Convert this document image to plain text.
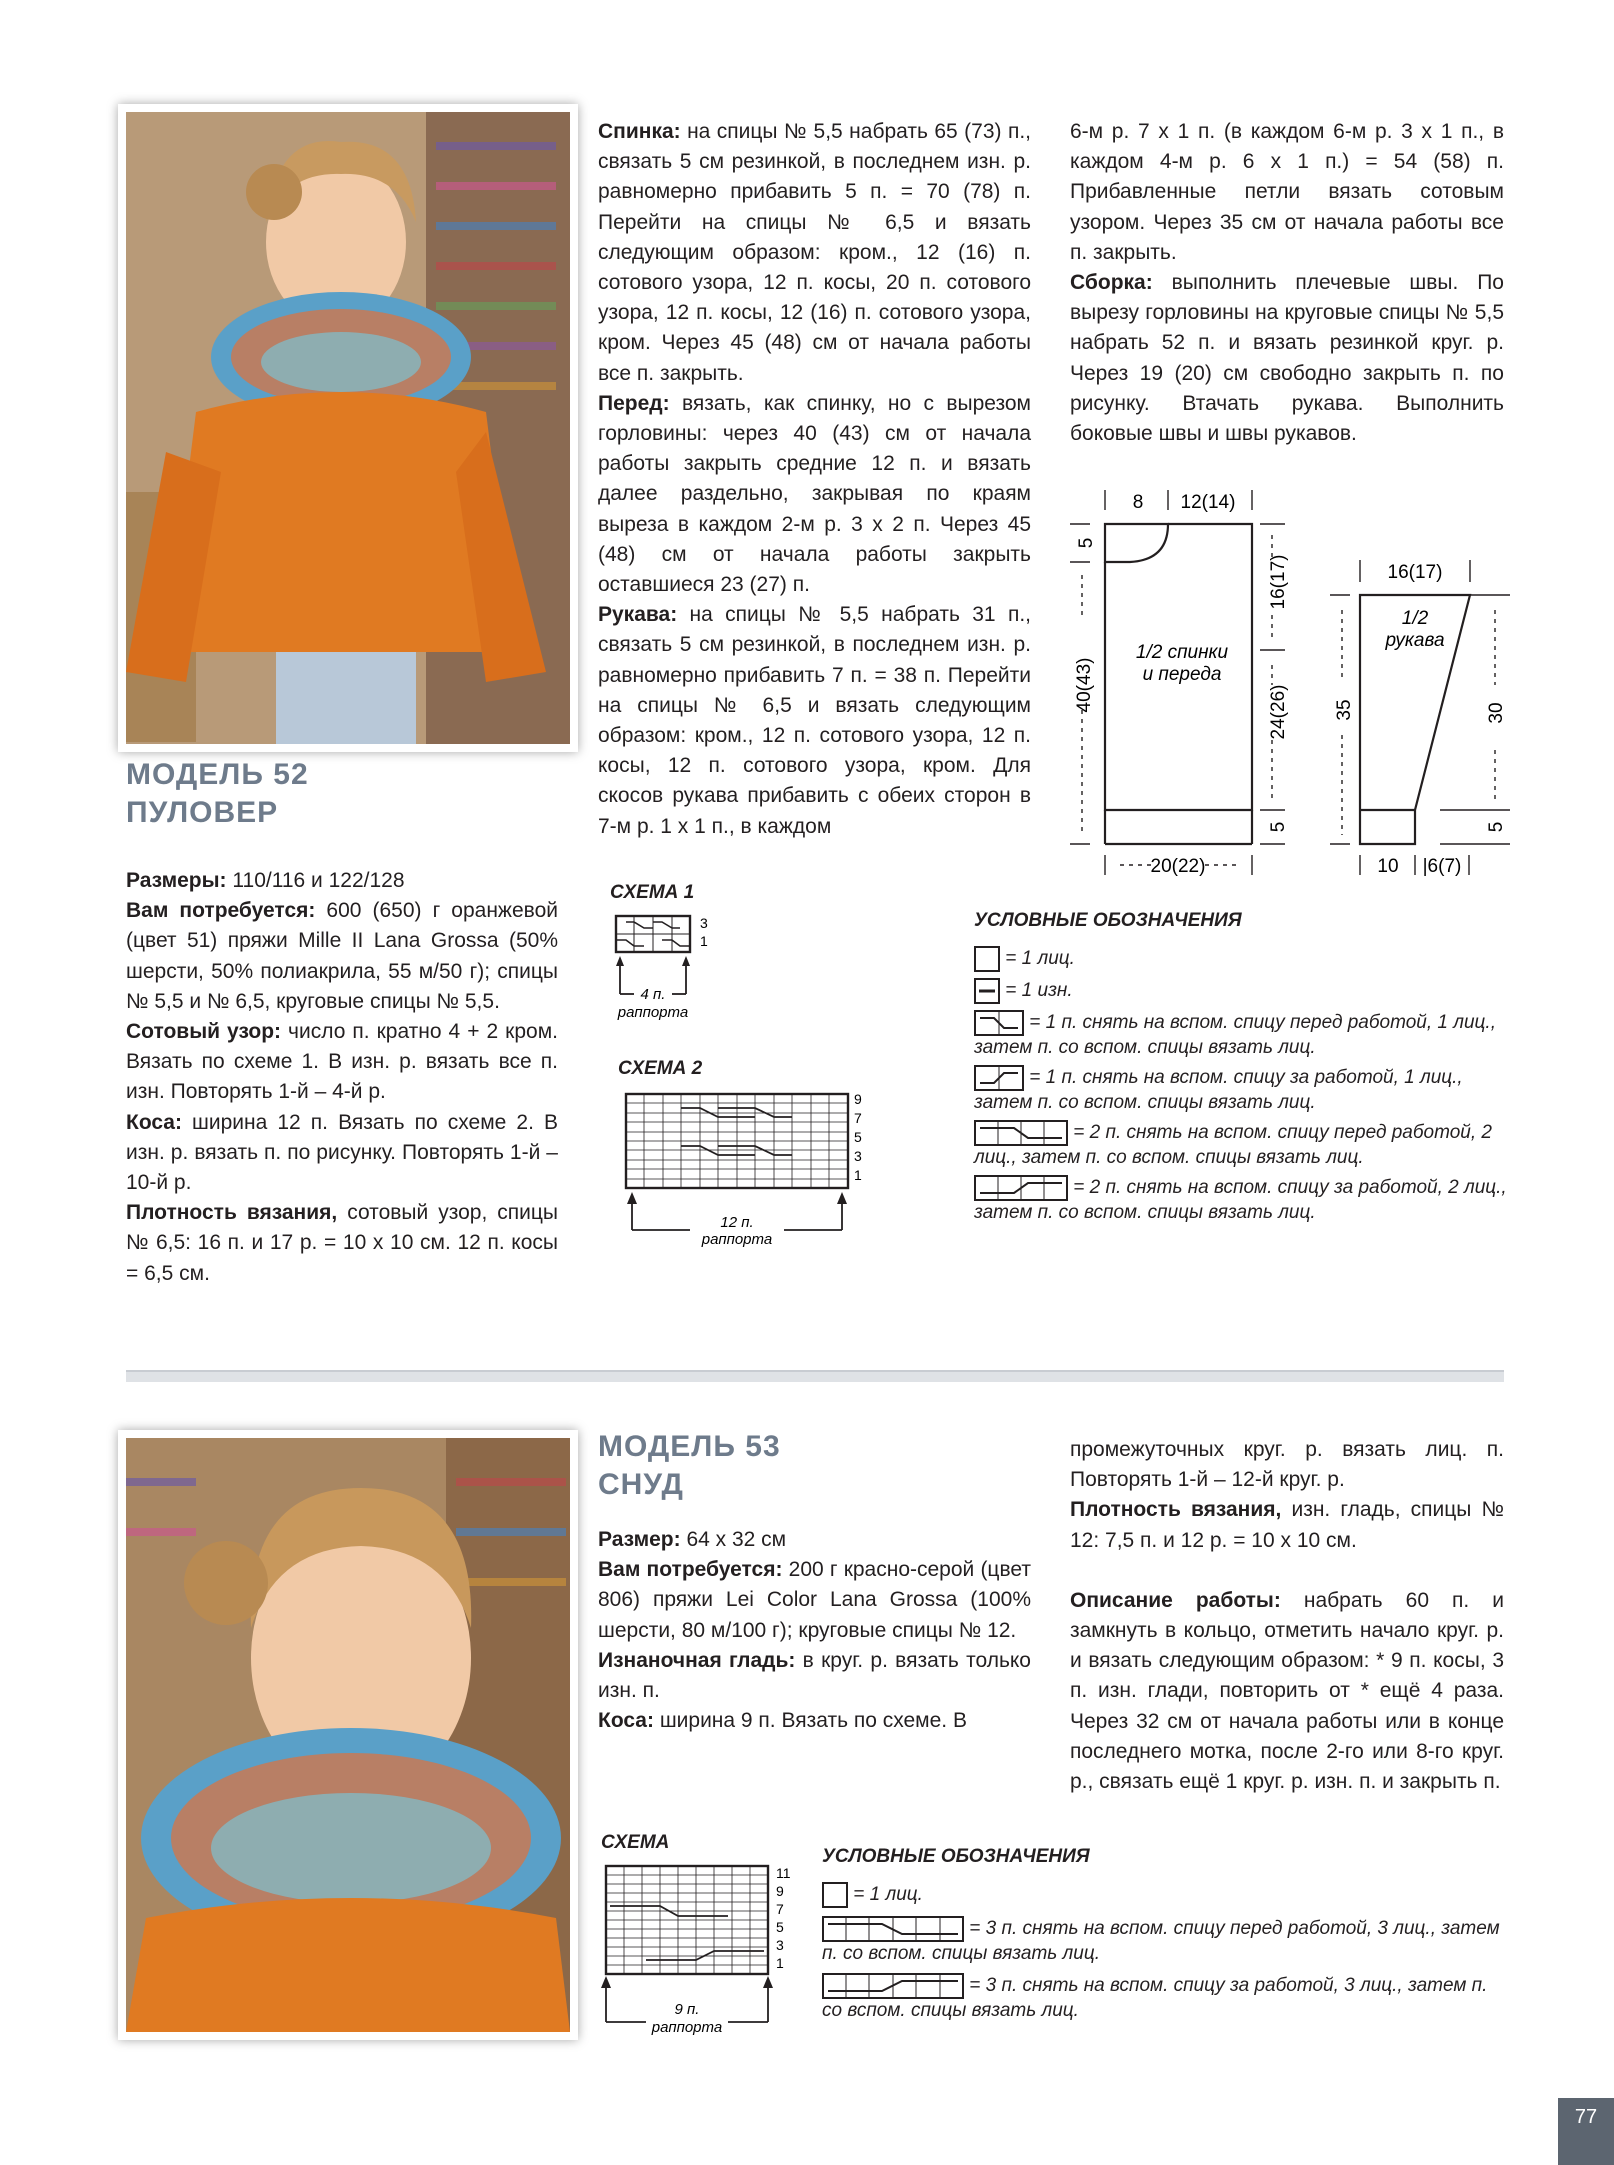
МОДЕЛЬ 52
ПУЛОВЕР

Размеры: 110/116 и 122/128

Вам потребуется: 600 (650) г оранжевой (цвет 51) пряжи Mille II Lana Grossa (50% шерсти, 50% полиакрила, 55 м/50 г); спицы № 5,5 и № 6,5, круговые спицы № 5,5.

Сотовый узор: число п. кратно 4 + 2 кром. Вязать по схеме 1. В изн. р. вязать все п. изн. Повторять 1-й – 4-й р.

Коса: ширина 12 п. Вязать по схеме 2. В изн. р. вязать п. по рисунку. Повторять 1-й – 10-й р.

Плотность вязания, сотовый узор, спицы № 6,5: 16 п. и 17 р. = 10 х 10 см. 12 п. косы = 6,5 см.

Спинка: на спицы № 5,5 набрать 65 (73) п., связать 5 см резинкой, в последнем изн. р. равномерно прибавить 5 п. = 70 (78) п. Перейти на спицы № 6,5 и вязать следующим образом: кром., 12 (16) п. сотового узора, 12 п. косы, 20 п. сотового узора, 12 п. косы, 12 (16) п. сотового узора, кром. Через 45 (48) см от начала работы все п. закрыть.

Перед: вязать, как спинку, но с вырезом горловины: через 40 (43) см от начала работы закрыть средние 12 п. и вязать далее раздельно, закрывая по краям выреза в каждом 2-м р. 3 х 2 п. Через 45 (48) см от начала работы закрыть оставшиеся 23 (27) п.

Рукава: на спицы № 5,5 набрать 31 п., связать 5 см резинкой, в последнем изн. р. равномерно прибавить 7 п. = 38 п. Перейти на спицы № 6,5 и вязать следующим образом: кром., 12 п. сотового узора, 12 п. косы, 12 п. сотового узора, кром. Для скосов рукава прибавить с обеих сторон в 7-м р. 1 х 1 п., в каждом

6-м р. 7 х 1 п. (в каждом 6-м р. 3 х 1 п., в каждом 4-м р. 6 х 1 п.) = 54 (58) п. Прибавленные петли вязать сотовым узором. Через 35 см от начала работы все п. закрыть.

Сборка: выполнить плечевые швы. По вырезу горловины на круговые спицы № 5,5 набрать 52 п. и вязать резинкой круг. р. Через 19 (20) см свободно закрыть п. по рисунку. Втачать рукава. Выполнить боковые швы и швы рукавов.

8 12(14)
5
16(17)
40(43)	24(26)
5
20(22)
1/2 спинки
и переда
16(17)
1/2
рукава
35	30
5
10 |6(7)
СХЕМА 1
3
1
4 п.
раппорта
СХЕМА 2
9
7
5
3
1
12 п.
раппорта
УСЛОВНЫЕ ОБОЗНАЧЕНИЯ
= 1 лиц.
= 1 изн.
= 1 п. снять на вспом. спицу перед работой, 1 лиц., затем п. со вспом. спицы вязать лиц.
= 1 п. снять на вспом. спицу за работой, 1 лиц., затем п. со вспом. спицы вязать лиц.
= 2 п. снять на вспом. спицу перед работой, 2 лиц., затем п. со вспом. спицы вязать лиц.
= 2 п. снять на вспом. спицу за работой, 2 лиц., затем п. со вспом. спицы вязать лиц.
МОДЕЛЬ 53
СНУД

Размер: 64 х 32 см

Вам потребуется: 200 г красно-серой (цвет 806) пряжи Lei Color Lana Grossa (100% шерсти, 80 м/100 г); круговые спицы № 12.

Изнаночная гладь: в круг. р. вязать только изн. п.

Коса: ширина 9 п. Вязать по схеме. В

промежуточных круг. р. вязать лиц. п. Повторять 1-й – 12-й круг. р.

Плотность вязания, изн. гладь, спицы № 12: 7,5 п. и 12 р. = 10 х 10 см.

Описание работы: набрать 60 п. и замкнуть в кольцо, отметить начало круг. р. и вязать следующим образом: * 9 п. косы, 3 п. изн. глади, повторить от * ещё 4 раза. Через 32 см от начала работы или в конце последнего мотка, после 2-го или 8-го круг. р., связать ещё 1 круг. р. изн. п. и закрыть п.

СХЕМА
11
9
7
5
3
1
9 п.
раппорта
УСЛОВНЫЕ ОБОЗНАЧЕНИЯ
= 1 лиц.
= 3 п. снять на вспом. спицу перед работой, 3 лиц., затем п. со вспом. спицы вязать лиц.
= 3 п. снять на вспом. спицу за работой, 3 лиц., затем п. со вспом. спицы вязать лиц.
77
